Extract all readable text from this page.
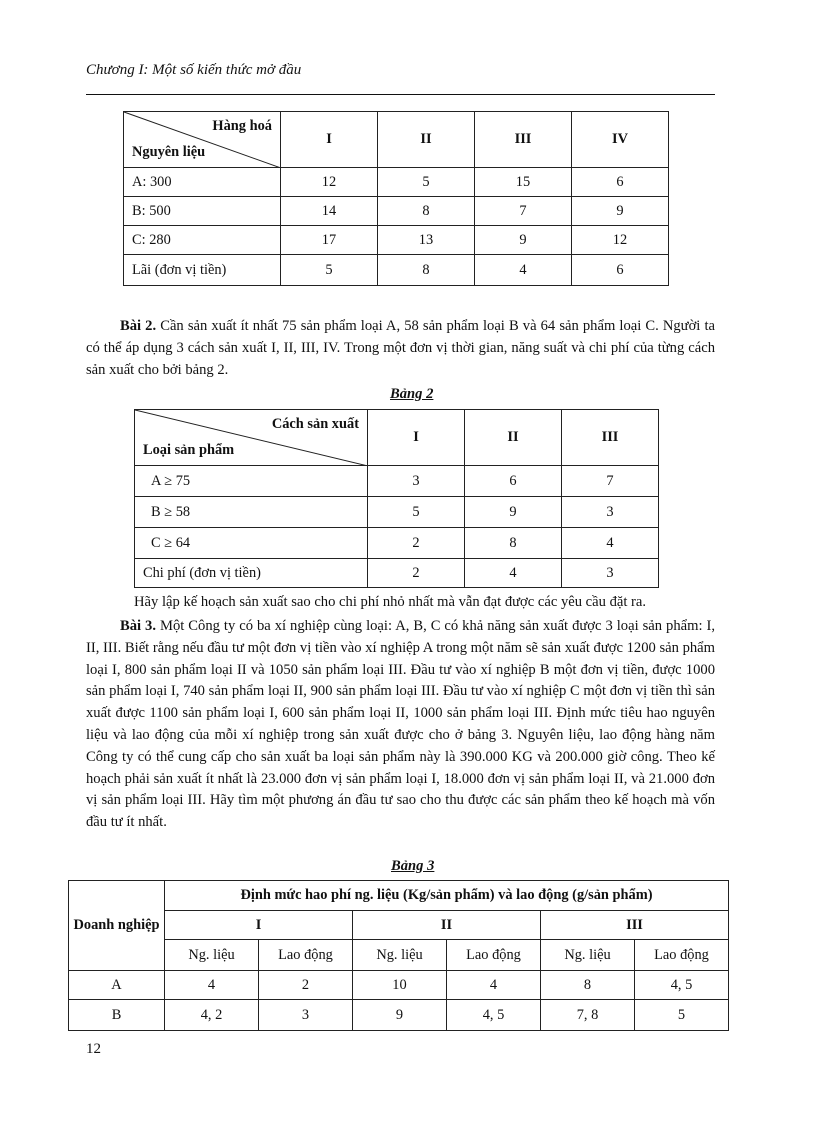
Chương I: Một số kiến thức mở đầu
Hàng hoá
Nguyên liệu	I	II	III	IV
A: 300	12	5	15	6
B: 500	14	8	7	9
C: 280	17	13	9	12
Lãi (đơn vị tiền)	5	8	4	6

Bài 2. Cần sản xuất ít nhất 75 sản phẩm loại A, 58 sản phẩm loại B và 64 sản phẩm loại C. Người ta có thể áp dụng 3 cách sản xuất I, II, III, IV. Trong một đơn vị thời gian, năng suất và chi phí của từng cách sản xuất cho bởi bảng 2.

Bảng 2
Cách sản xuất
Loại sản phẩm	I	II	III
A ≥ 75	3	6	7
B ≥ 58	5	9	3
C ≥ 64	2	8	4
Chi phí (đơn vị tiền)	2	4	3
Hãy lập kế hoạch sản xuất sao cho chi phí nhỏ nhất mà vẫn đạt được các yêu cầu đặt ra.

Bài 3. Một Công ty có ba xí nghiệp cùng loại: A, B, C có khả năng sản xuất được 3 loại sản phẩm: I, II, III. Biết rằng nếu đầu tư một đơn vị tiền vào xí nghiệp A trong một năm sẽ sản xuất được 1200 sản phẩm loại I, 800 sản phẩm loại II và 1050 sản phẩm loại III. Đầu tư vào xí nghiệp B một đơn vị tiền, được 1000 sản phẩm loại I, 740 sản phẩm loại II, 900 sản phẩm loại III. Đầu tư vào xí nghiệp C một đơn vị tiền thì sản xuất được 1100 sản phẩm loại I, 600 sản phẩm loại II, 1000 sản phẩm loại III. Định mức tiêu hao nguyên liệu và lao động của mỗi xí nghiệp trong sản xuất được cho ở bảng 3. Nguyên liệu, lao động hàng năm Công ty có thể cung cấp cho sản xuất ba loại sản phẩm này là 390.000 KG và 200.000 giờ công. Theo kế hoạch phải sản xuất ít nhất là 23.000 đơn vị sản phẩm loại I, 18.000 đơn vị sản phẩm loại II, và 21.000 đơn vị sản phẩm loại III. Hãy tìm một phương án đầu tư sao cho thu được các sản phẩm theo kế hoạch mà vốn đầu tư ít nhất.

Bảng 3
Doanh nghiệp	Định mức hao phí ng. liệu (Kg/sản phẩm) và lao động (g/sản phẩm)					
	I		II		III	
	Ng. liệu	Lao động	Ng. liệu	Lao động	Ng. liệu	Lao động
A	4	2	10	4	8	4, 5
B	4, 2	3	9	4, 5	7, 8	5
12
